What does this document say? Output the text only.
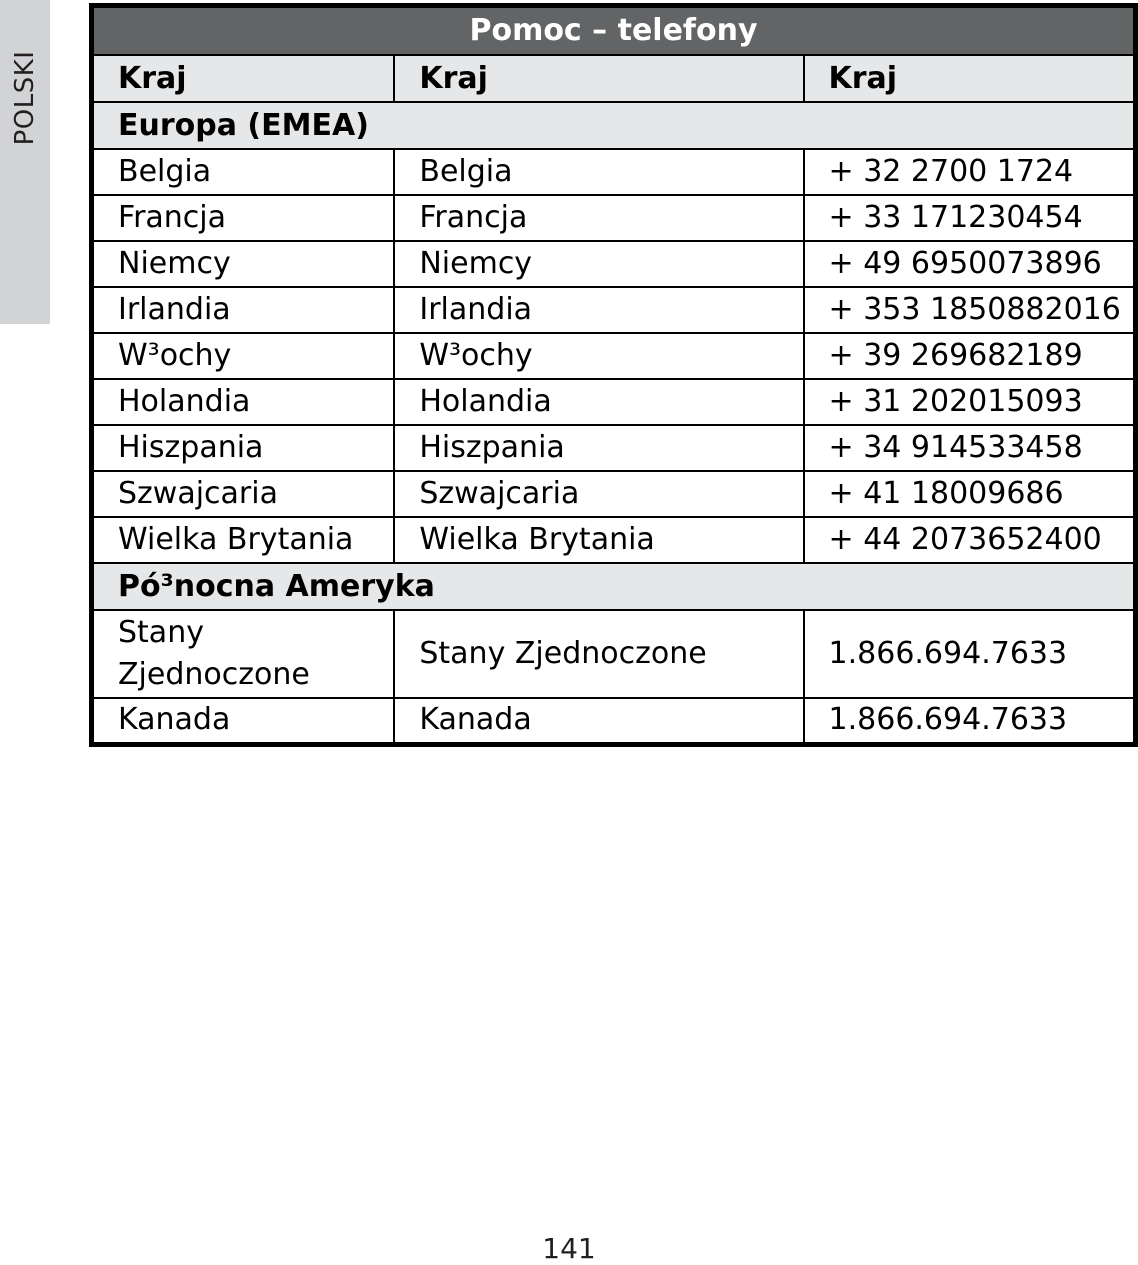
POLSKI
Pomoc – telefony		
Kraj	Kraj	Kraj
Europa (EMEA)		
Belgia	Belgia	+ 32 2700 1724
Francja	Francja	+ 33 171230454
Niemcy	Niemcy	+ 49 6950073896
Irlandia	Irlandia	+ 353 1850882016
W³ochy	W³ochy	+ 39 269682189
Holandia	Holandia	+ 31 202015093
Hiszpania	Hiszpania	+ 34 914533458
Szwajcaria	Szwajcaria	+ 41 18009686
Wielka Brytania	Wielka Brytania	+ 44 2073652400
Pó³nocna Ameryka		
Stany Zjednoczone	Stany Zjednoczone	1.866.694.7633
Kanada	Kanada	1.866.694.7633
141
